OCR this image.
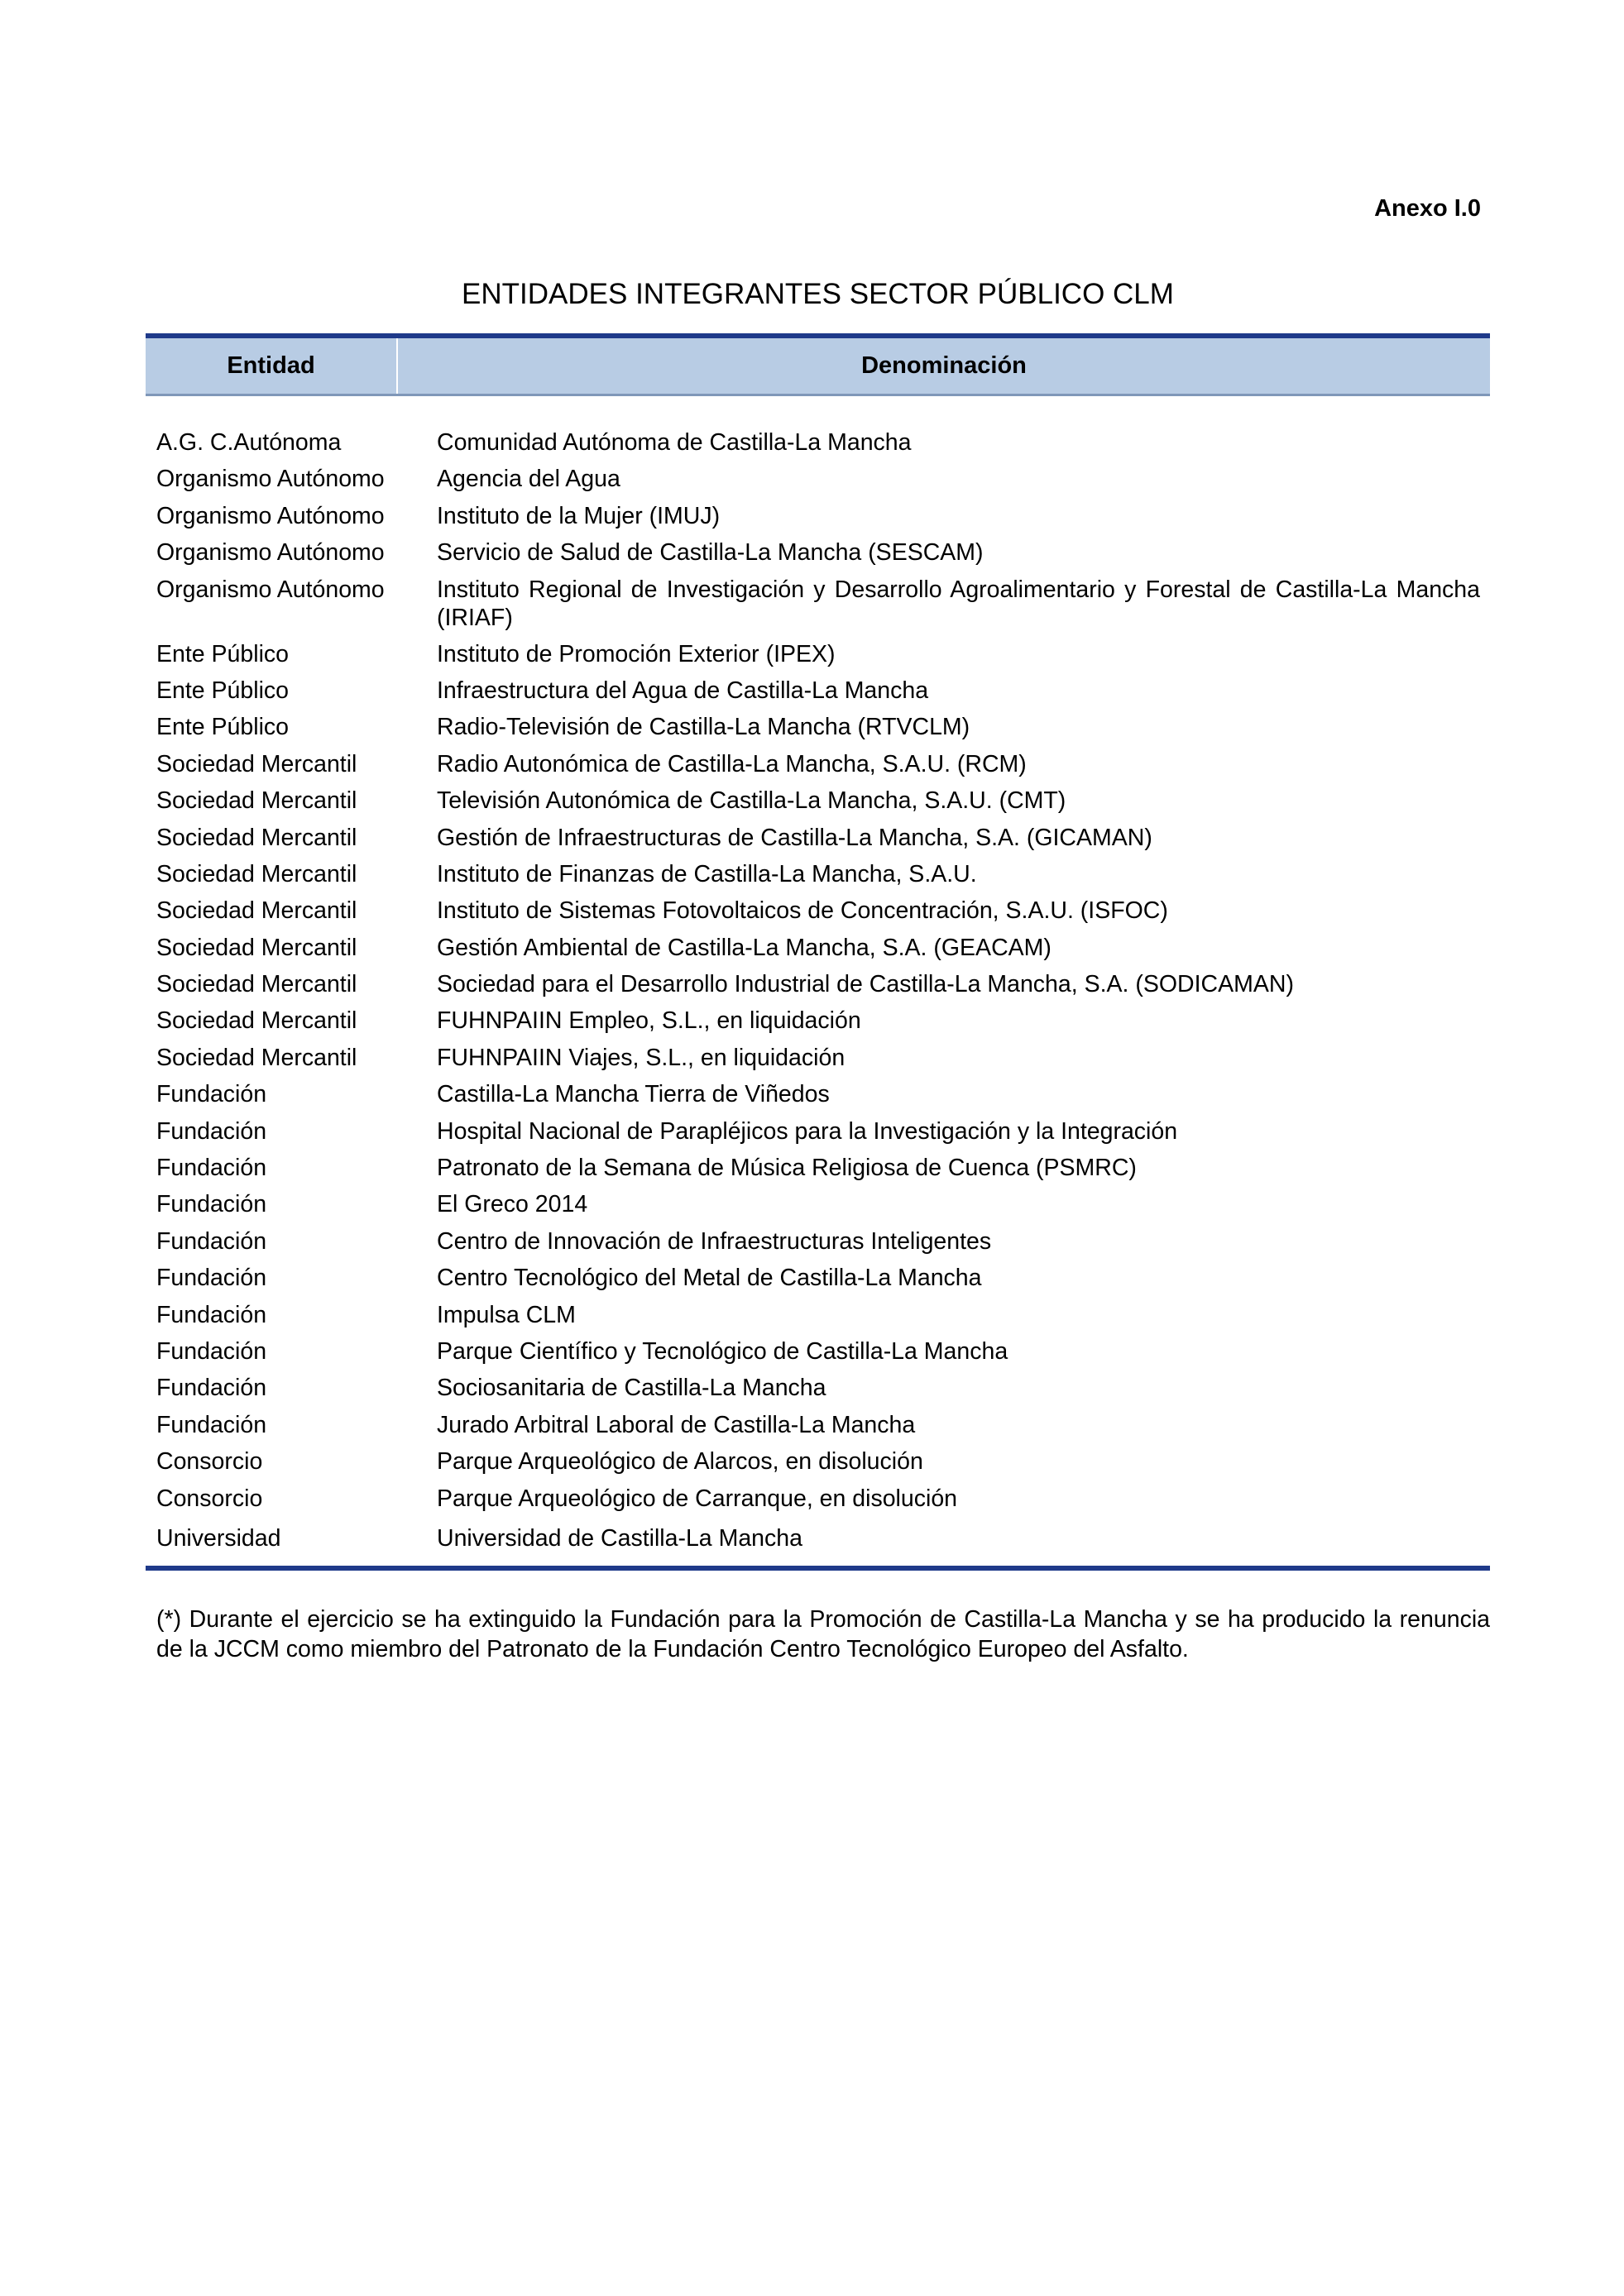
Anexo I.0

ENTIDADES INTEGRANTES SECTOR PÚBLICO CLM
Entidad	Denominación
A.G. C.Autónoma	Comunidad Autónoma de Castilla-La Mancha
Organismo Autónomo	Agencia del Agua
Organismo Autónomo	Instituto de la Mujer (IMUJ)
Organismo Autónomo	Servicio de Salud de Castilla-La Mancha (SESCAM)
Organismo Autónomo	Instituto Regional de Investigación y Desarrollo Agroalimentario y Forestal de Castilla-La Mancha (IRIAF)
Ente Público	Instituto de Promoción Exterior (IPEX)
Ente Público	Infraestructura del Agua de Castilla-La Mancha
Ente Público	Radio-Televisión de Castilla-La Mancha (RTVCLM)
Sociedad Mercantil	Radio Autonómica de Castilla-La Mancha, S.A.U. (RCM)
Sociedad Mercantil	Televisión Autonómica de Castilla-La Mancha, S.A.U. (CMT)
Sociedad Mercantil	Gestión de Infraestructuras de Castilla-La Mancha, S.A. (GICAMAN)
Sociedad Mercantil	Instituto de Finanzas de Castilla-La Mancha, S.A.U.
Sociedad Mercantil	Instituto de Sistemas Fotovoltaicos de Concentración, S.A.U. (ISFOC)
Sociedad Mercantil	Gestión Ambiental de Castilla-La Mancha, S.A. (GEACAM)
Sociedad Mercantil	Sociedad para el Desarrollo Industrial de Castilla-La Mancha, S.A. (SODICAMAN)
Sociedad Mercantil	FUHNPAIIN Empleo, S.L., en liquidación
Sociedad Mercantil	FUHNPAIIN Viajes, S.L., en liquidación
Fundación	Castilla-La Mancha Tierra de Viñedos
Fundación	Hospital Nacional de Parapléjicos para la Investigación y la Integración
Fundación	Patronato de la Semana de Música Religiosa de Cuenca (PSMRC)
Fundación	El Greco 2014
Fundación	Centro de Innovación de Infraestructuras Inteligentes
Fundación	Centro Tecnológico del Metal de Castilla-La Mancha
Fundación	Impulsa CLM
Fundación	Parque Científico y Tecnológico de Castilla-La Mancha
Fundación	Sociosanitaria de Castilla-La Mancha
Fundación	Jurado Arbitral Laboral de Castilla-La Mancha
Consorcio	Parque Arqueológico de Alarcos, en disolución
Consorcio	Parque Arqueológico de Carranque, en disolución
Universidad	Universidad de Castilla-La Mancha

(*) Durante el ejercicio se ha extinguido la Fundación para la Promoción de Castilla-La Mancha y se ha producido la renuncia de la JCCM como miembro del Patronato de la Fundación Centro Tecnológico Europeo del Asfalto.
